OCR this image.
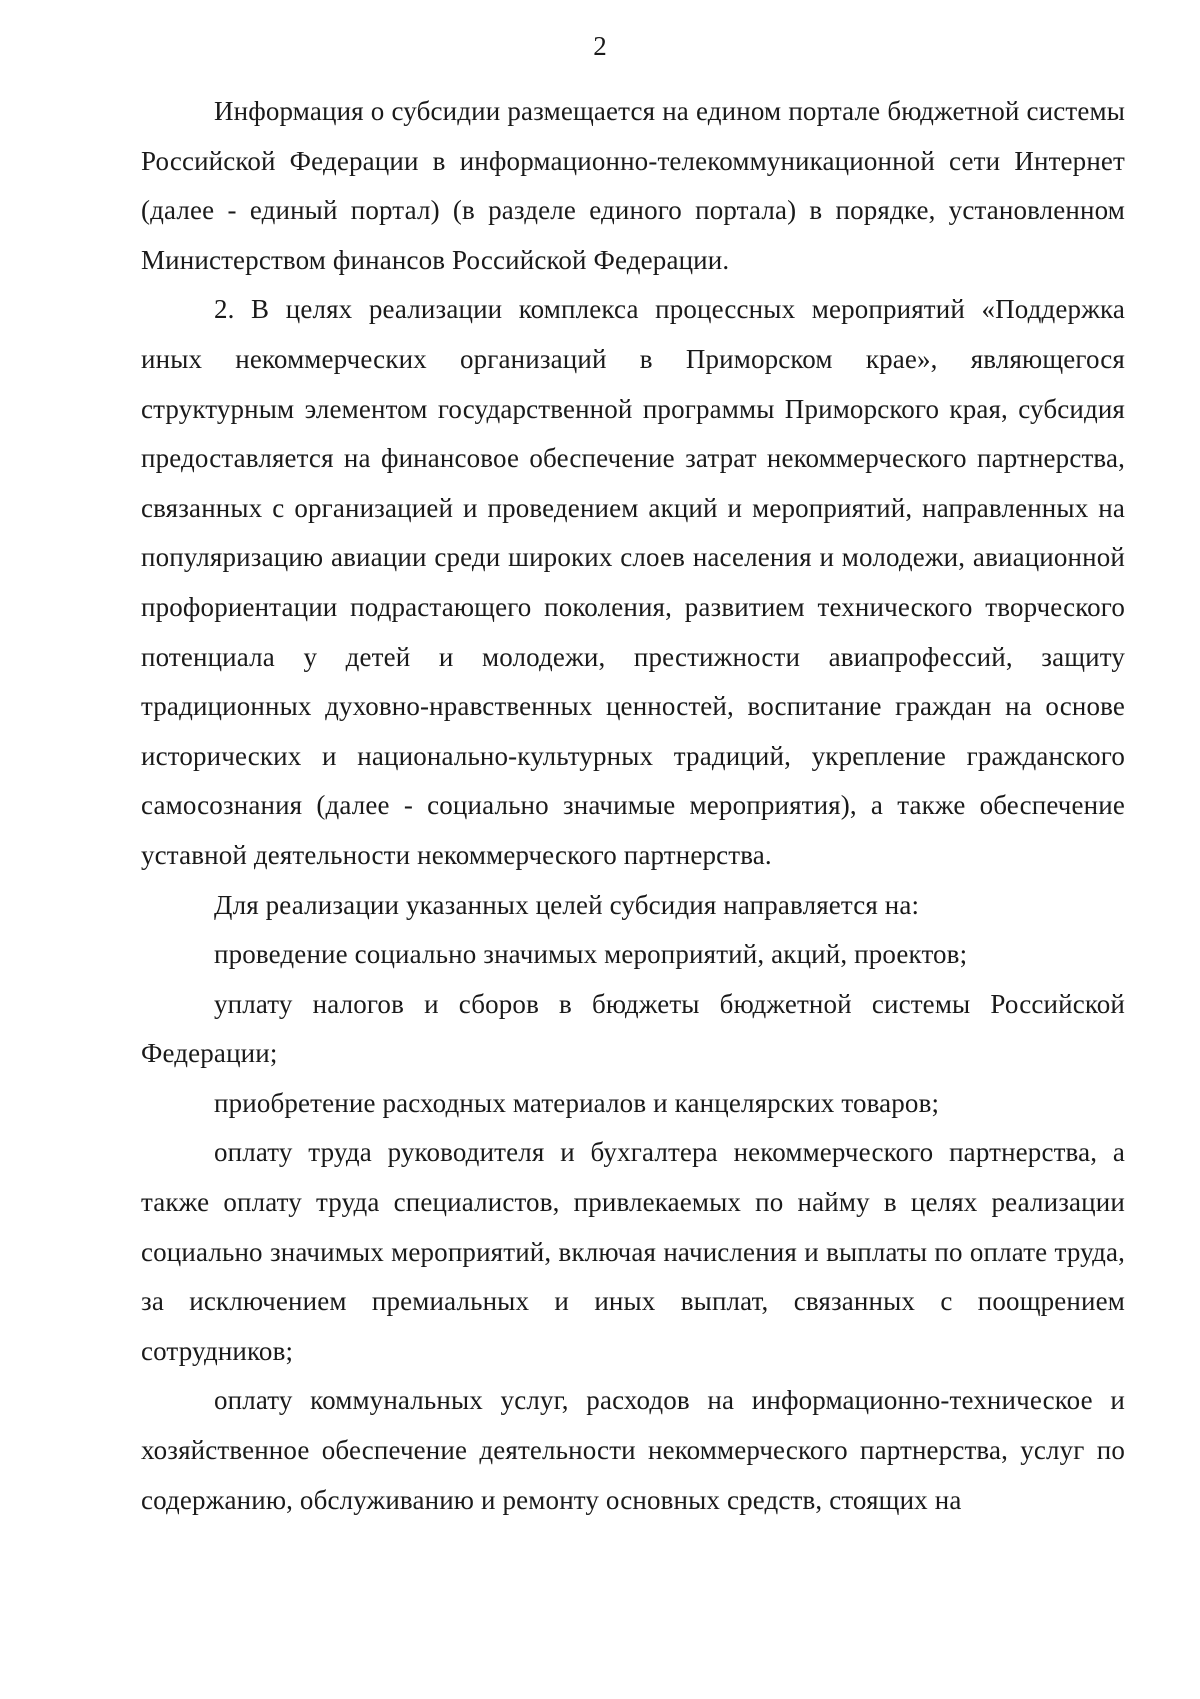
2

Информация о субсидии размещается на едином портале бюджетной системы Российской Федерации в информационно-телекоммуникационной сети Интернет (далее - единый портал) (в разделе единого портала) в порядке, установленном Министерством финансов Российской Федерации.

2. В целях реализации комплекса процессных мероприятий «Поддержка иных некоммерческих организаций в Приморском крае», являющегося структурным элементом государственной программы Приморского края, субсидия предоставляется на финансовое обеспечение затрат некоммерческого партнерства, связанных с организацией и проведением акций и мероприятий, направленных на популяризацию авиации среди широких слоев населения и молодежи, авиационной профориентации подрастающего поколения, развитием технического творческого потенциала у детей и молодежи, престижности авиапрофессий, защиту традиционных духовно-нравственных ценностей, воспитание граждан на основе исторических и национально-культурных традиций, укрепление гражданского самосознания (далее - социально значимые мероприятия), а также обеспечение уставной деятельности некоммерческого партнерства.

Для реализации указанных целей субсидия направляется на:

проведение социально значимых мероприятий, акций, проектов;

уплату налогов и сборов в бюджеты бюджетной системы Российской Федерации;

приобретение расходных материалов и канцелярских товаров;

оплату труда руководителя и бухгалтера некоммерческого партнерства, а также оплату труда специалистов, привлекаемых по найму в целях реализации социально значимых мероприятий, включая начисления и выплаты по оплате труда, за исключением премиальных и иных выплат, связанных с поощрением сотрудников;

оплату коммунальных услуг, расходов на информационно-техническое и хозяйственное обеспечение деятельности некоммерческого партнерства, услуг по содержанию, обслуживанию и ремонту основных средств, стоящих на
